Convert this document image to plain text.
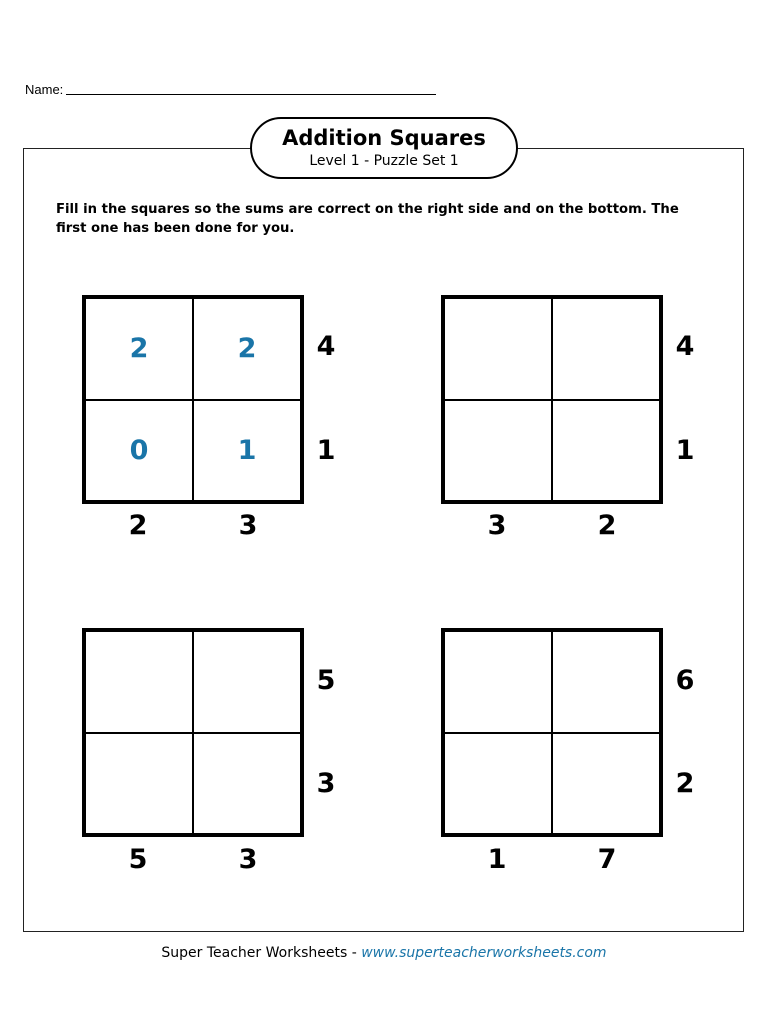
Name:
Addition Squares
Level 1 - Puzzle Set 1
Fill in the squares so the sums are correct on the right side and on the bottom. The first one has been done for you.
2	2
0	1
4
1
2	3
4
1
3	2
5
3
5	3
6
2
1	7
Super Teacher Worksheets - www.superteacherworksheets.com
